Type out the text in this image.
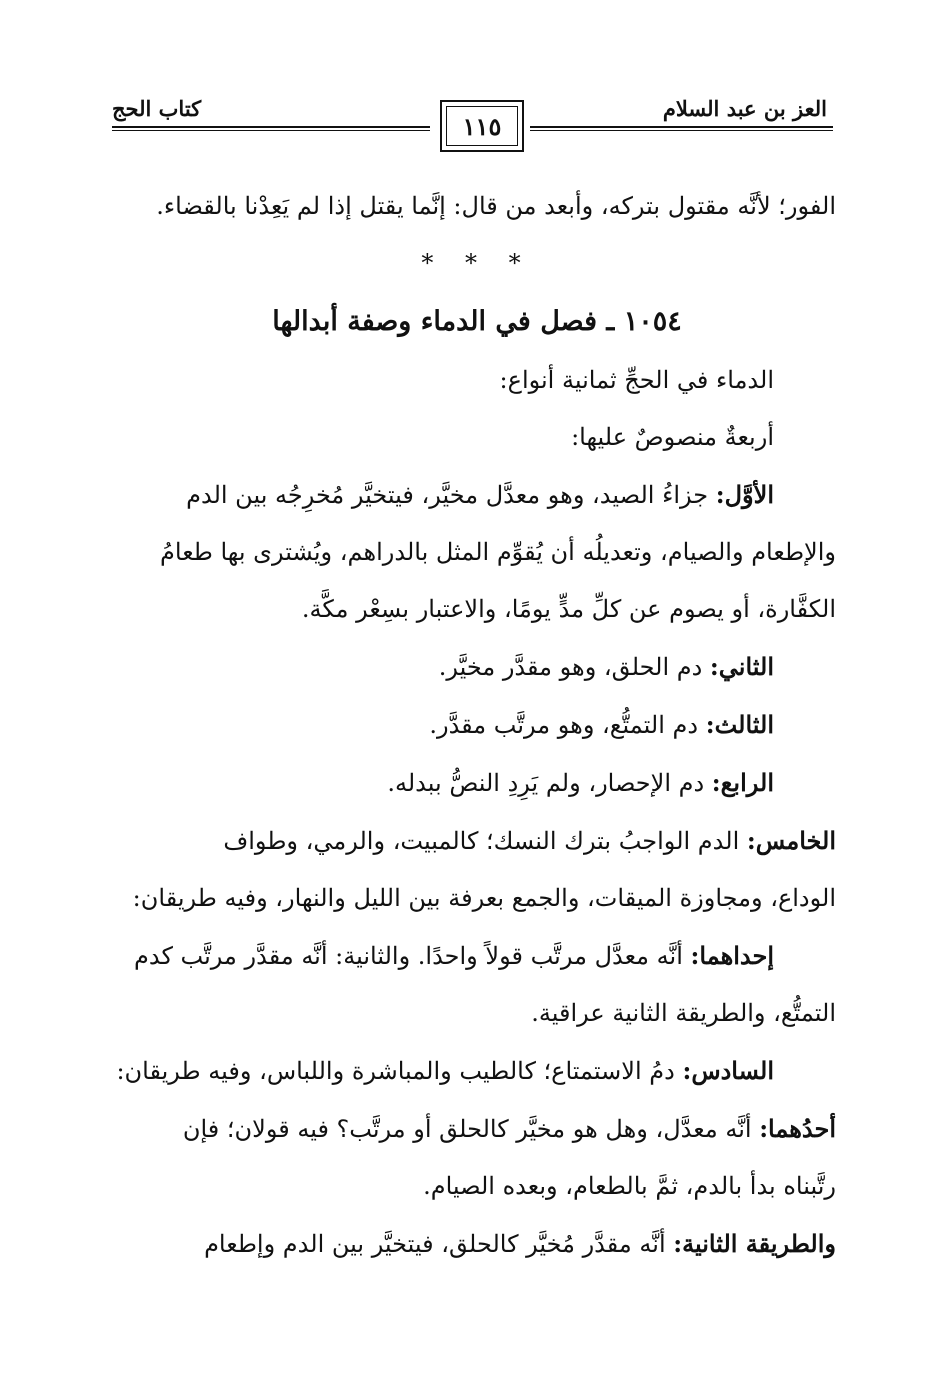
العز بن عبد السلام
كتاب الحج
١١٥
الفور؛ لأنَّه مقتول بتركه، وأبعد من قال: إنَّما يقتل إذا لم يَعِدْنا بالقضاء.
* * *
١٠٥٤ ـ فصل في الدماء وصفة أبدالها
الدماء في الحجِّ ثمانية أنواع:
أربعةٌ منصوصٌ عليها:
الأوَّل: جزاءُ الصيد، وهو معدَّل مخيَّر، فيتخيَّر مُخرِجُه بين الدم
والإطعام والصيام، وتعديلُه أن يُقوِّم المثل بالدراهم، ويُشترى بها طعامُ
الكفَّارة، أو يصوم عن كلِّ مدٍّ يومًا، والاعتبار بسِعْر مكَّة.
الثاني: دم الحلق، وهو مقدَّر مخيَّر.
الثالث: دم التمتُّع، وهو مرتَّب مقدَّر.
الرابع: دم الإحصار، ولم يَرِدِ النصُّ ببدله.
الخامس: الدم الواجبُ بترك النسك؛ كالمبيت، والرمي، وطواف
الوداع، ومجاوزة الميقات، والجمع بعرفة بين الليل والنهار، وفيه طريقان:
إحداهما: أنَّه معدَّل مرتَّب قولاً واحدًا. والثانية: أنَّه مقدَّر مرتَّب كدم
التمتُّع، والطريقة الثانية عراقية.
السادس: دمُ الاستمتاع؛ كالطيب والمباشرة واللباس، وفيه طريقان:
أحدُهما: أنَّه معدَّل، وهل هو مخيَّر كالحلق أو مرتَّب؟ فيه قولان؛ فإن
رتَّبناه بدأ بالدم، ثمَّ بالطعام، وبعده الصيام.
والطريقة الثانية: أنَّه مقدَّر مُخيَّر كالحلق، فيتخيَّر بين الدم وإطعام
